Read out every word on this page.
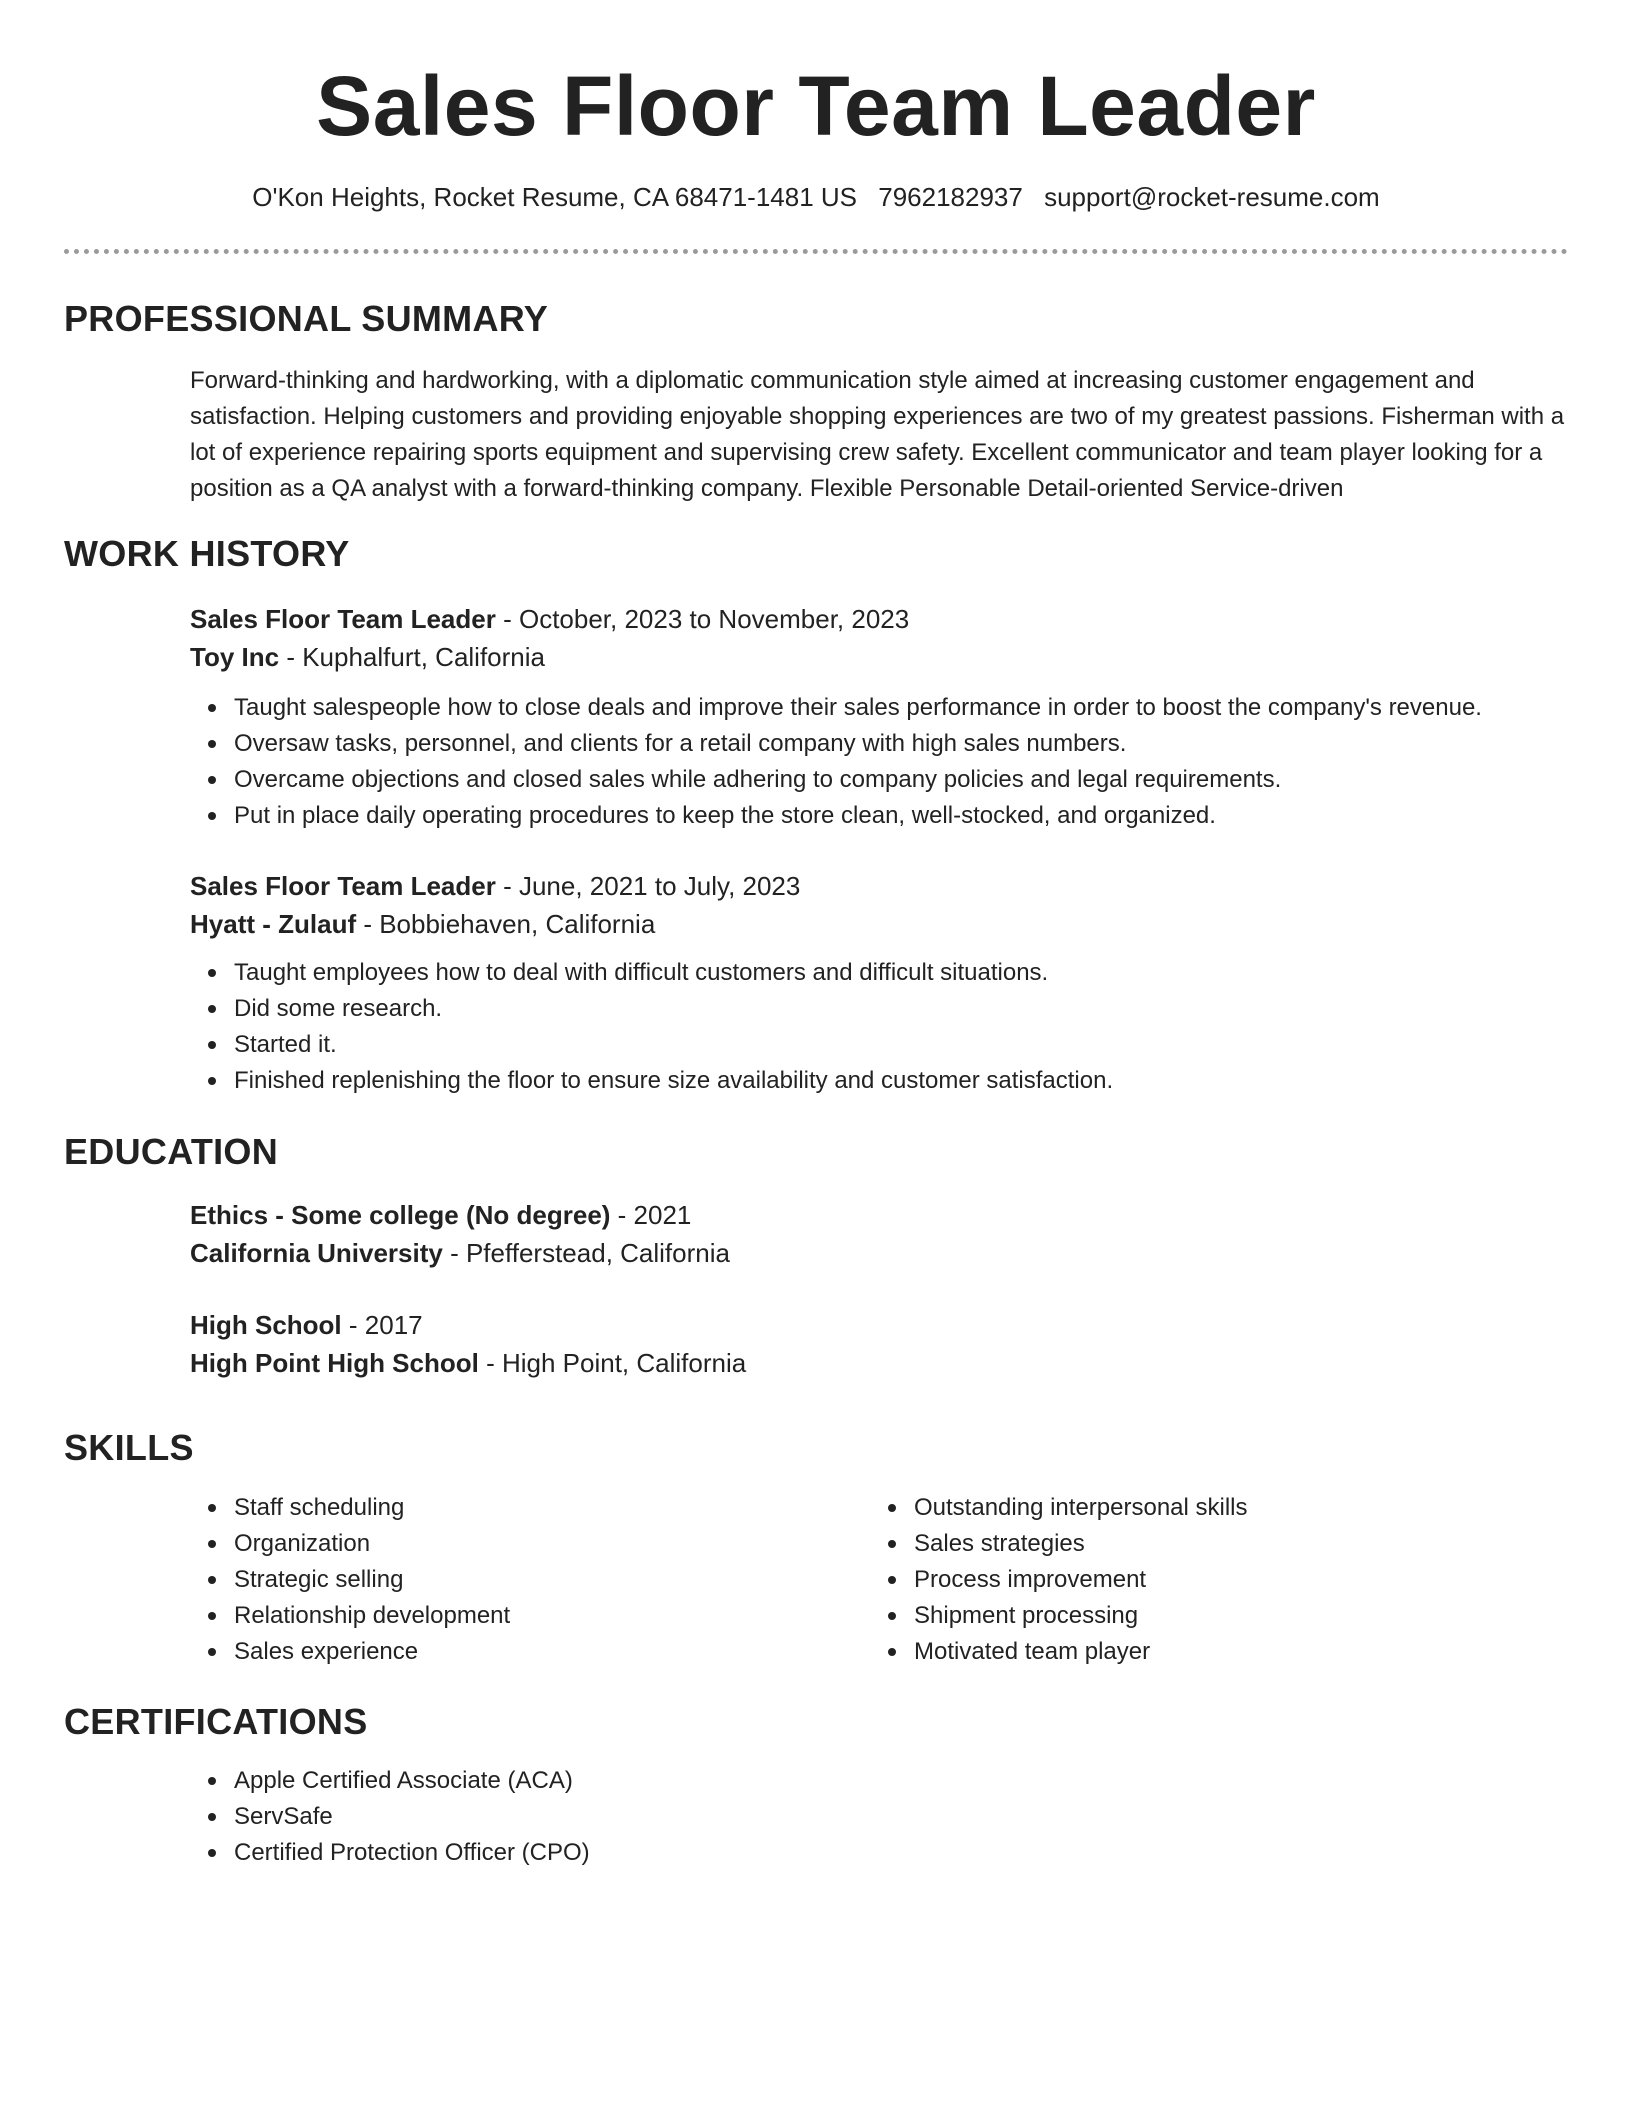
Sales Floor Team Leader
O'Kon Heights, Rocket Resume, CA 68471-1481 US 7962182937 support@rocket-resume.com
PROFESSIONAL SUMMARY
Forward-thinking and hardworking, with a diplomatic communication style aimed at increasing customer engagement and satisfaction. Helping customers and providing enjoyable shopping experiences are two of my greatest passions. Fisherman with a lot of experience repairing sports equipment and supervising crew safety. Excellent communicator and team player looking for a position as a QA analyst with a forward-thinking company. Flexible Personable Detail-oriented Service-driven
WORK HISTORY
Sales Floor Team Leader - October, 2023 to November, 2023
Toy Inc - Kuphalfurt, California
Taught salespeople how to close deals and improve their sales performance in order to boost the company's revenue.
Oversaw tasks, personnel, and clients for a retail company with high sales numbers.
Overcame objections and closed sales while adhering to company policies and legal requirements.
Put in place daily operating procedures to keep the store clean, well-stocked, and organized.
Sales Floor Team Leader - June, 2021 to July, 2023
Hyatt - Zulauf - Bobbiehaven, California
Taught employees how to deal with difficult customers and difficult situations.
Did some research.
Started it.
Finished replenishing the floor to ensure size availability and customer satisfaction.
EDUCATION
Ethics - Some college (No degree) - 2021
California University - Pfefferstead, California
High School - 2017
High Point High School - High Point, California
SKILLS
Staff scheduling
Organization
Strategic selling
Relationship development
Sales experience
Outstanding interpersonal skills
Sales strategies
Process improvement
Shipment processing
Motivated team player
CERTIFICATIONS
Apple Certified Associate (ACA)
ServSafe
Certified Protection Officer (CPO)
